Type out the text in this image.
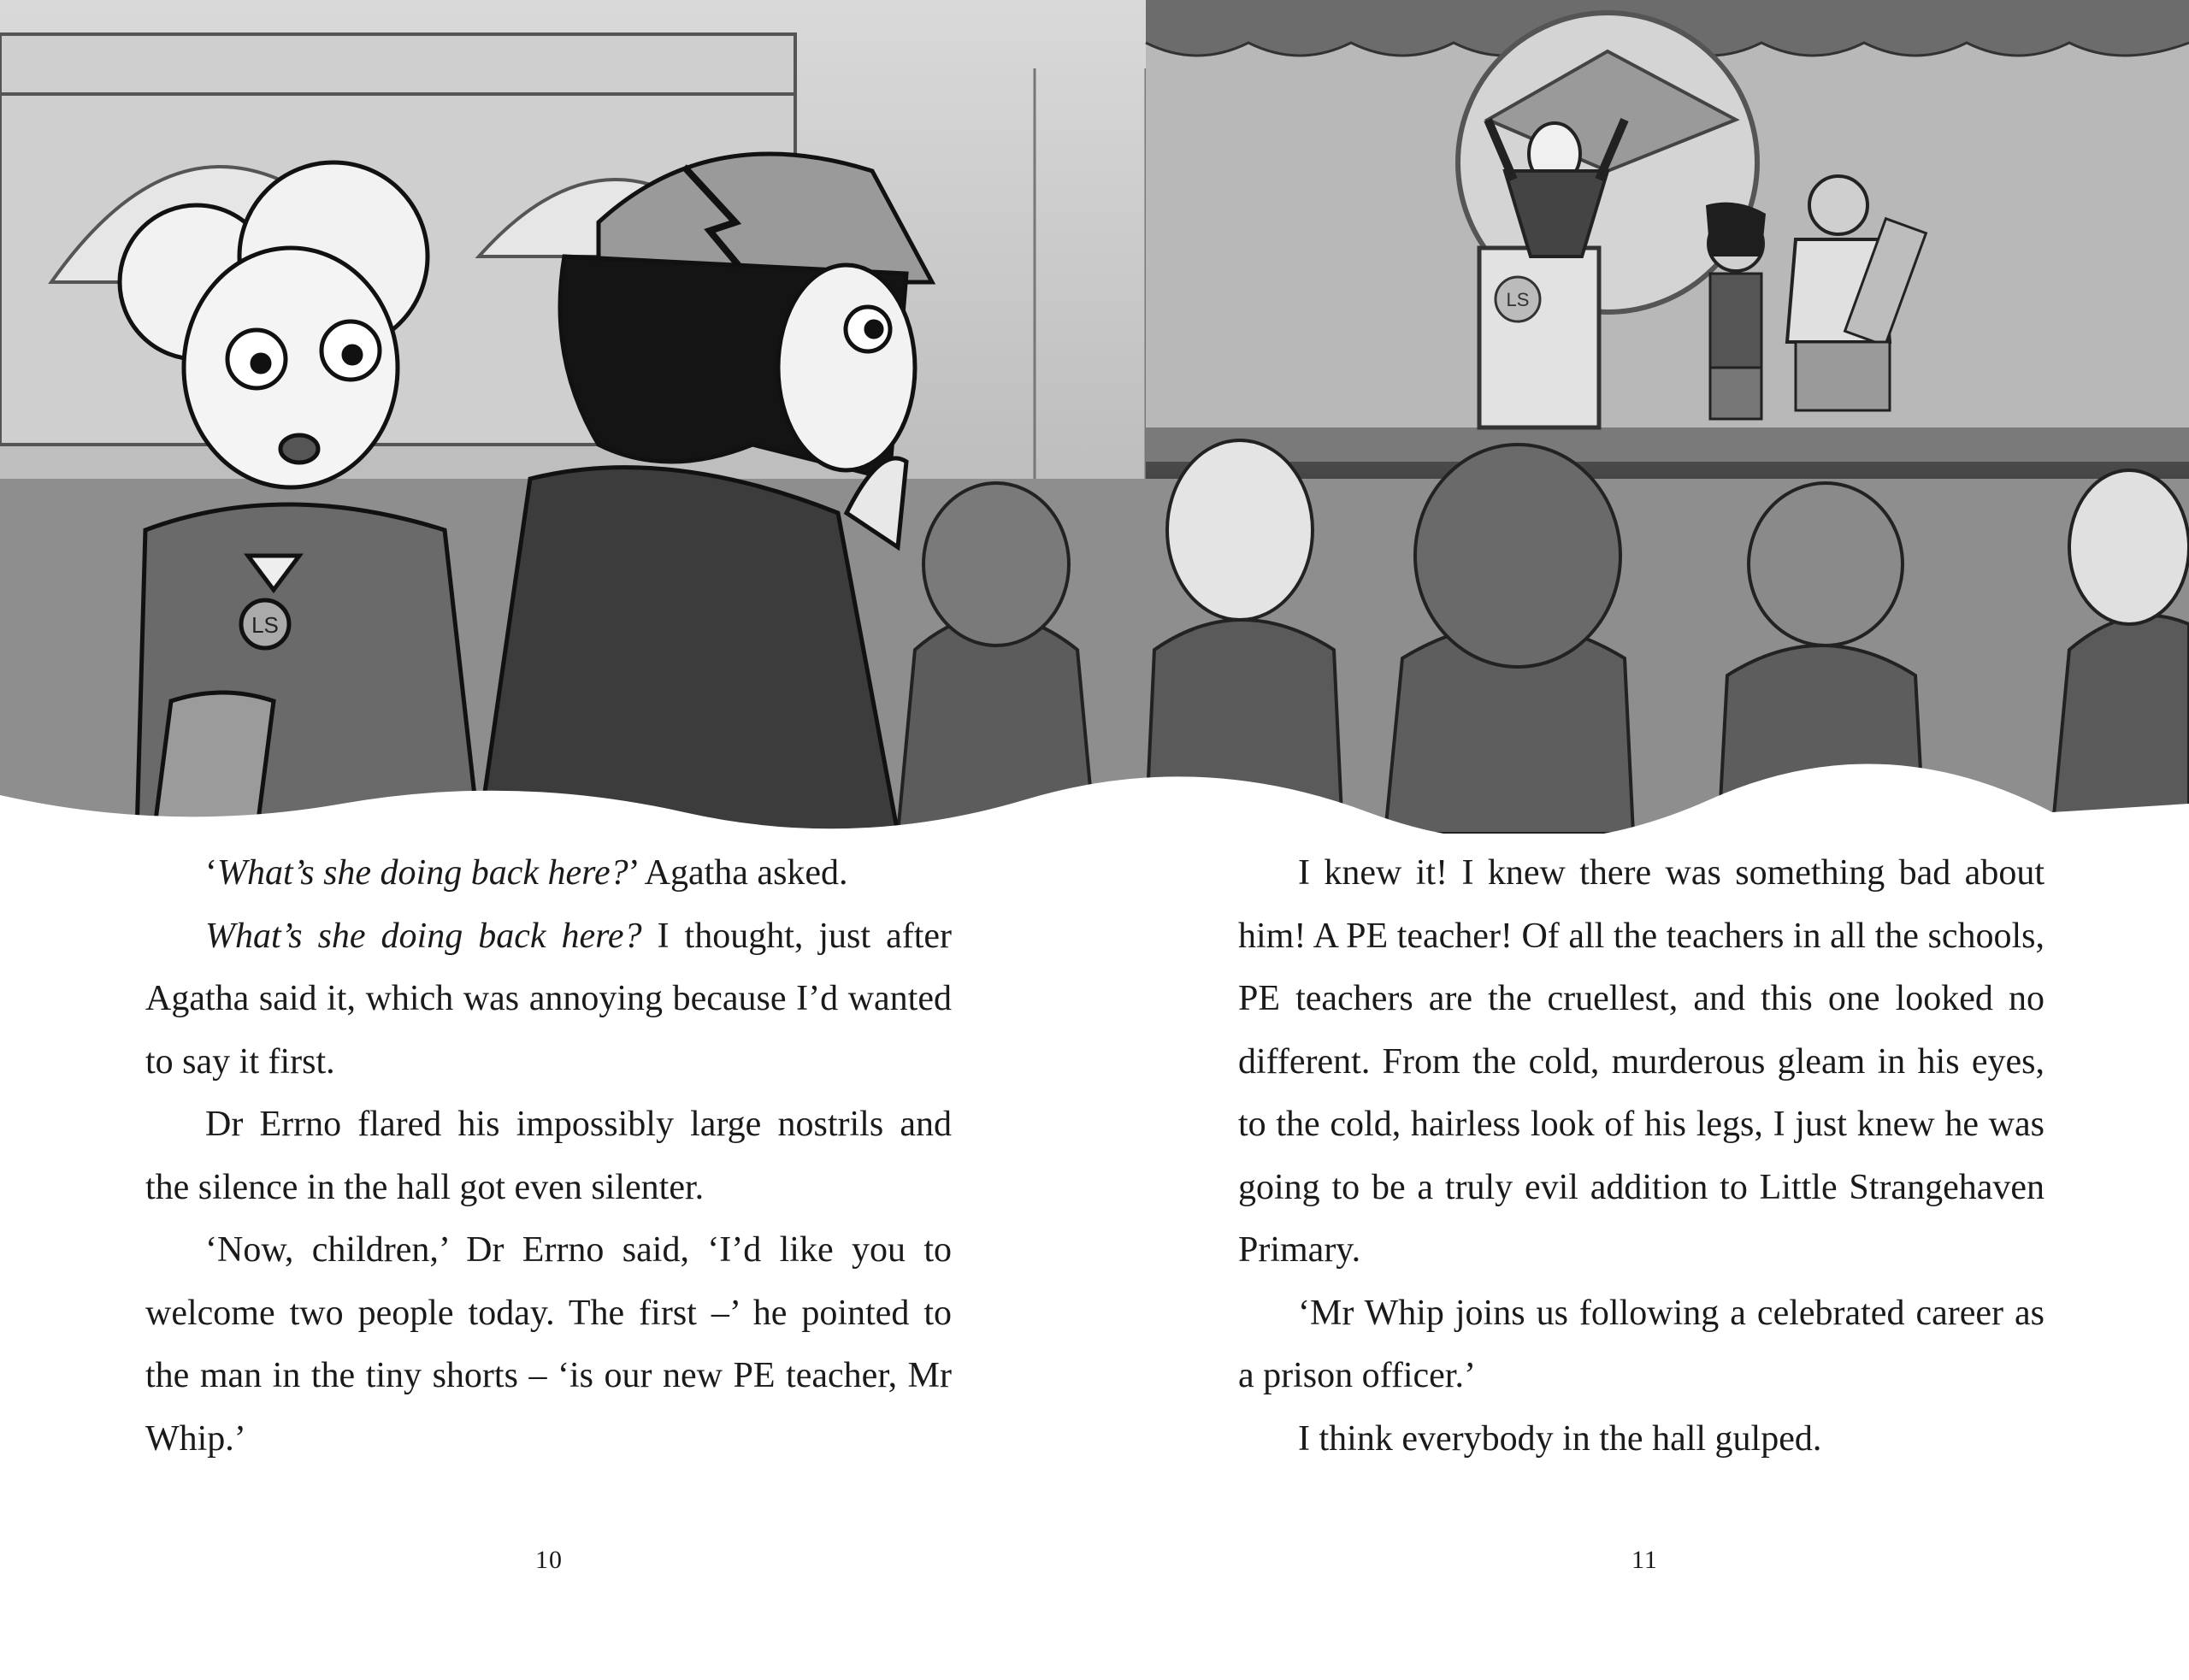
LS
LS

‘What’s she doing back here?’ Agatha asked.

What’s she doing back here? I thought, just after Agatha said it, which was annoying because I’d wanted to say it first.

Dr Errno flared his impossibly large nostrils and the silence in the hall got even silenter.

‘Now, children,’ Dr Errno said, ‘I’d like you to welcome two people today. The first –’ he pointed to the man in the tiny shorts – ‘is our new PE teacher, Mr Whip.’

I knew it! I knew there was something bad about him! A PE teacher! Of all the teachers in all the schools, PE teachers are the cruellest, and this one looked no different. From the cold, murderous gleam in his eyes, to the cold, hairless look of his legs, I just knew he was going to be a truly evil addition to Little Strangehaven Primary.

‘Mr Whip joins us following a celebrated career as a prison officer.’

I think everybody in the hall gulped.

10	11
